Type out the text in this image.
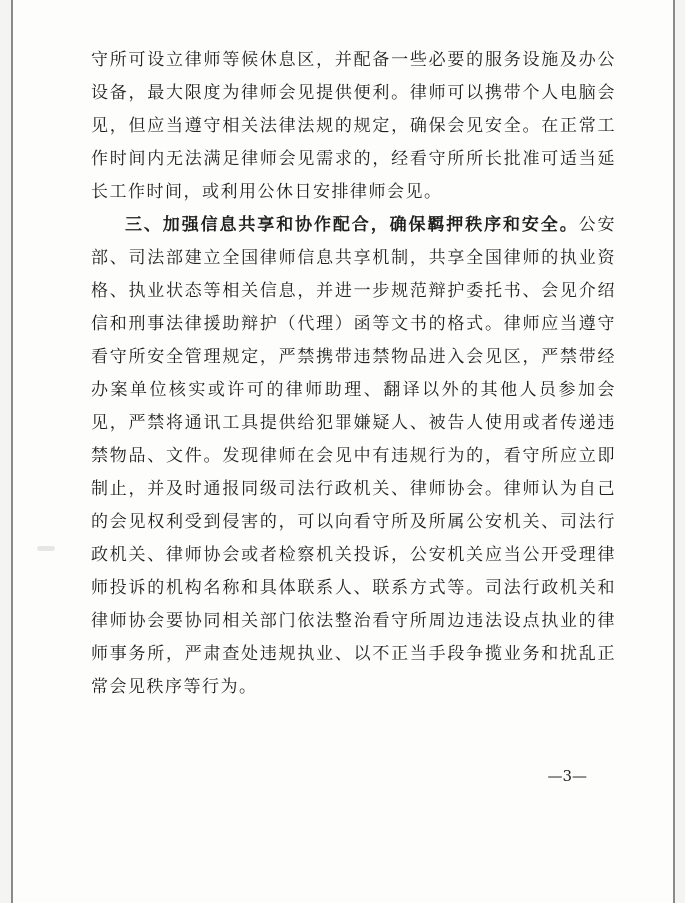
守所可设立律师等候休息区，并配备一些必要的服务设施及办公设备，最大限度为律师会见提供便利。律师可以携带个人电脑会见，但应当遵守相关法律法规的规定，确保会见安全。在正常工作时间内无法满足律师会见需求的，经看守所所长批准可适当延长工作时间，或利用公休日安排律师会见。

三、加强信息共享和协作配合，确保羁押秩序和安全。公安部、司法部建立全国律师信息共享机制，共享全国律师的执业资格、执业状态等相关信息，并进一步规范辩护委托书、会见介绍信和刑事法律援助辩护（代理）函等文书的格式。律师应当遵守看守所安全管理规定，严禁携带违禁物品进入会见区，严禁带经办案单位核实或许可的律师助理、翻译以外的其他人员参加会见，严禁将通讯工具提供给犯罪嫌疑人、被告人使用或者传递违禁物品、文件。发现律师在会见中有违规行为的，看守所应立即制止，并及时通报同级司法行政机关、律师协会。律师认为自己的会见权利受到侵害的，可以向看守所及所属公安机关、司法行政机关、律师协会或者检察机关投诉，公安机关应当公开受理律师投诉的机构名称和具体联系人、联系方式等。司法行政机关和律师协会要协同相关部门依法整治看守所周边违法设点执业的律师事务所，严肃查处违规执业、以不正当手段争揽业务和扰乱正常会见秩序等行为。

—3—
